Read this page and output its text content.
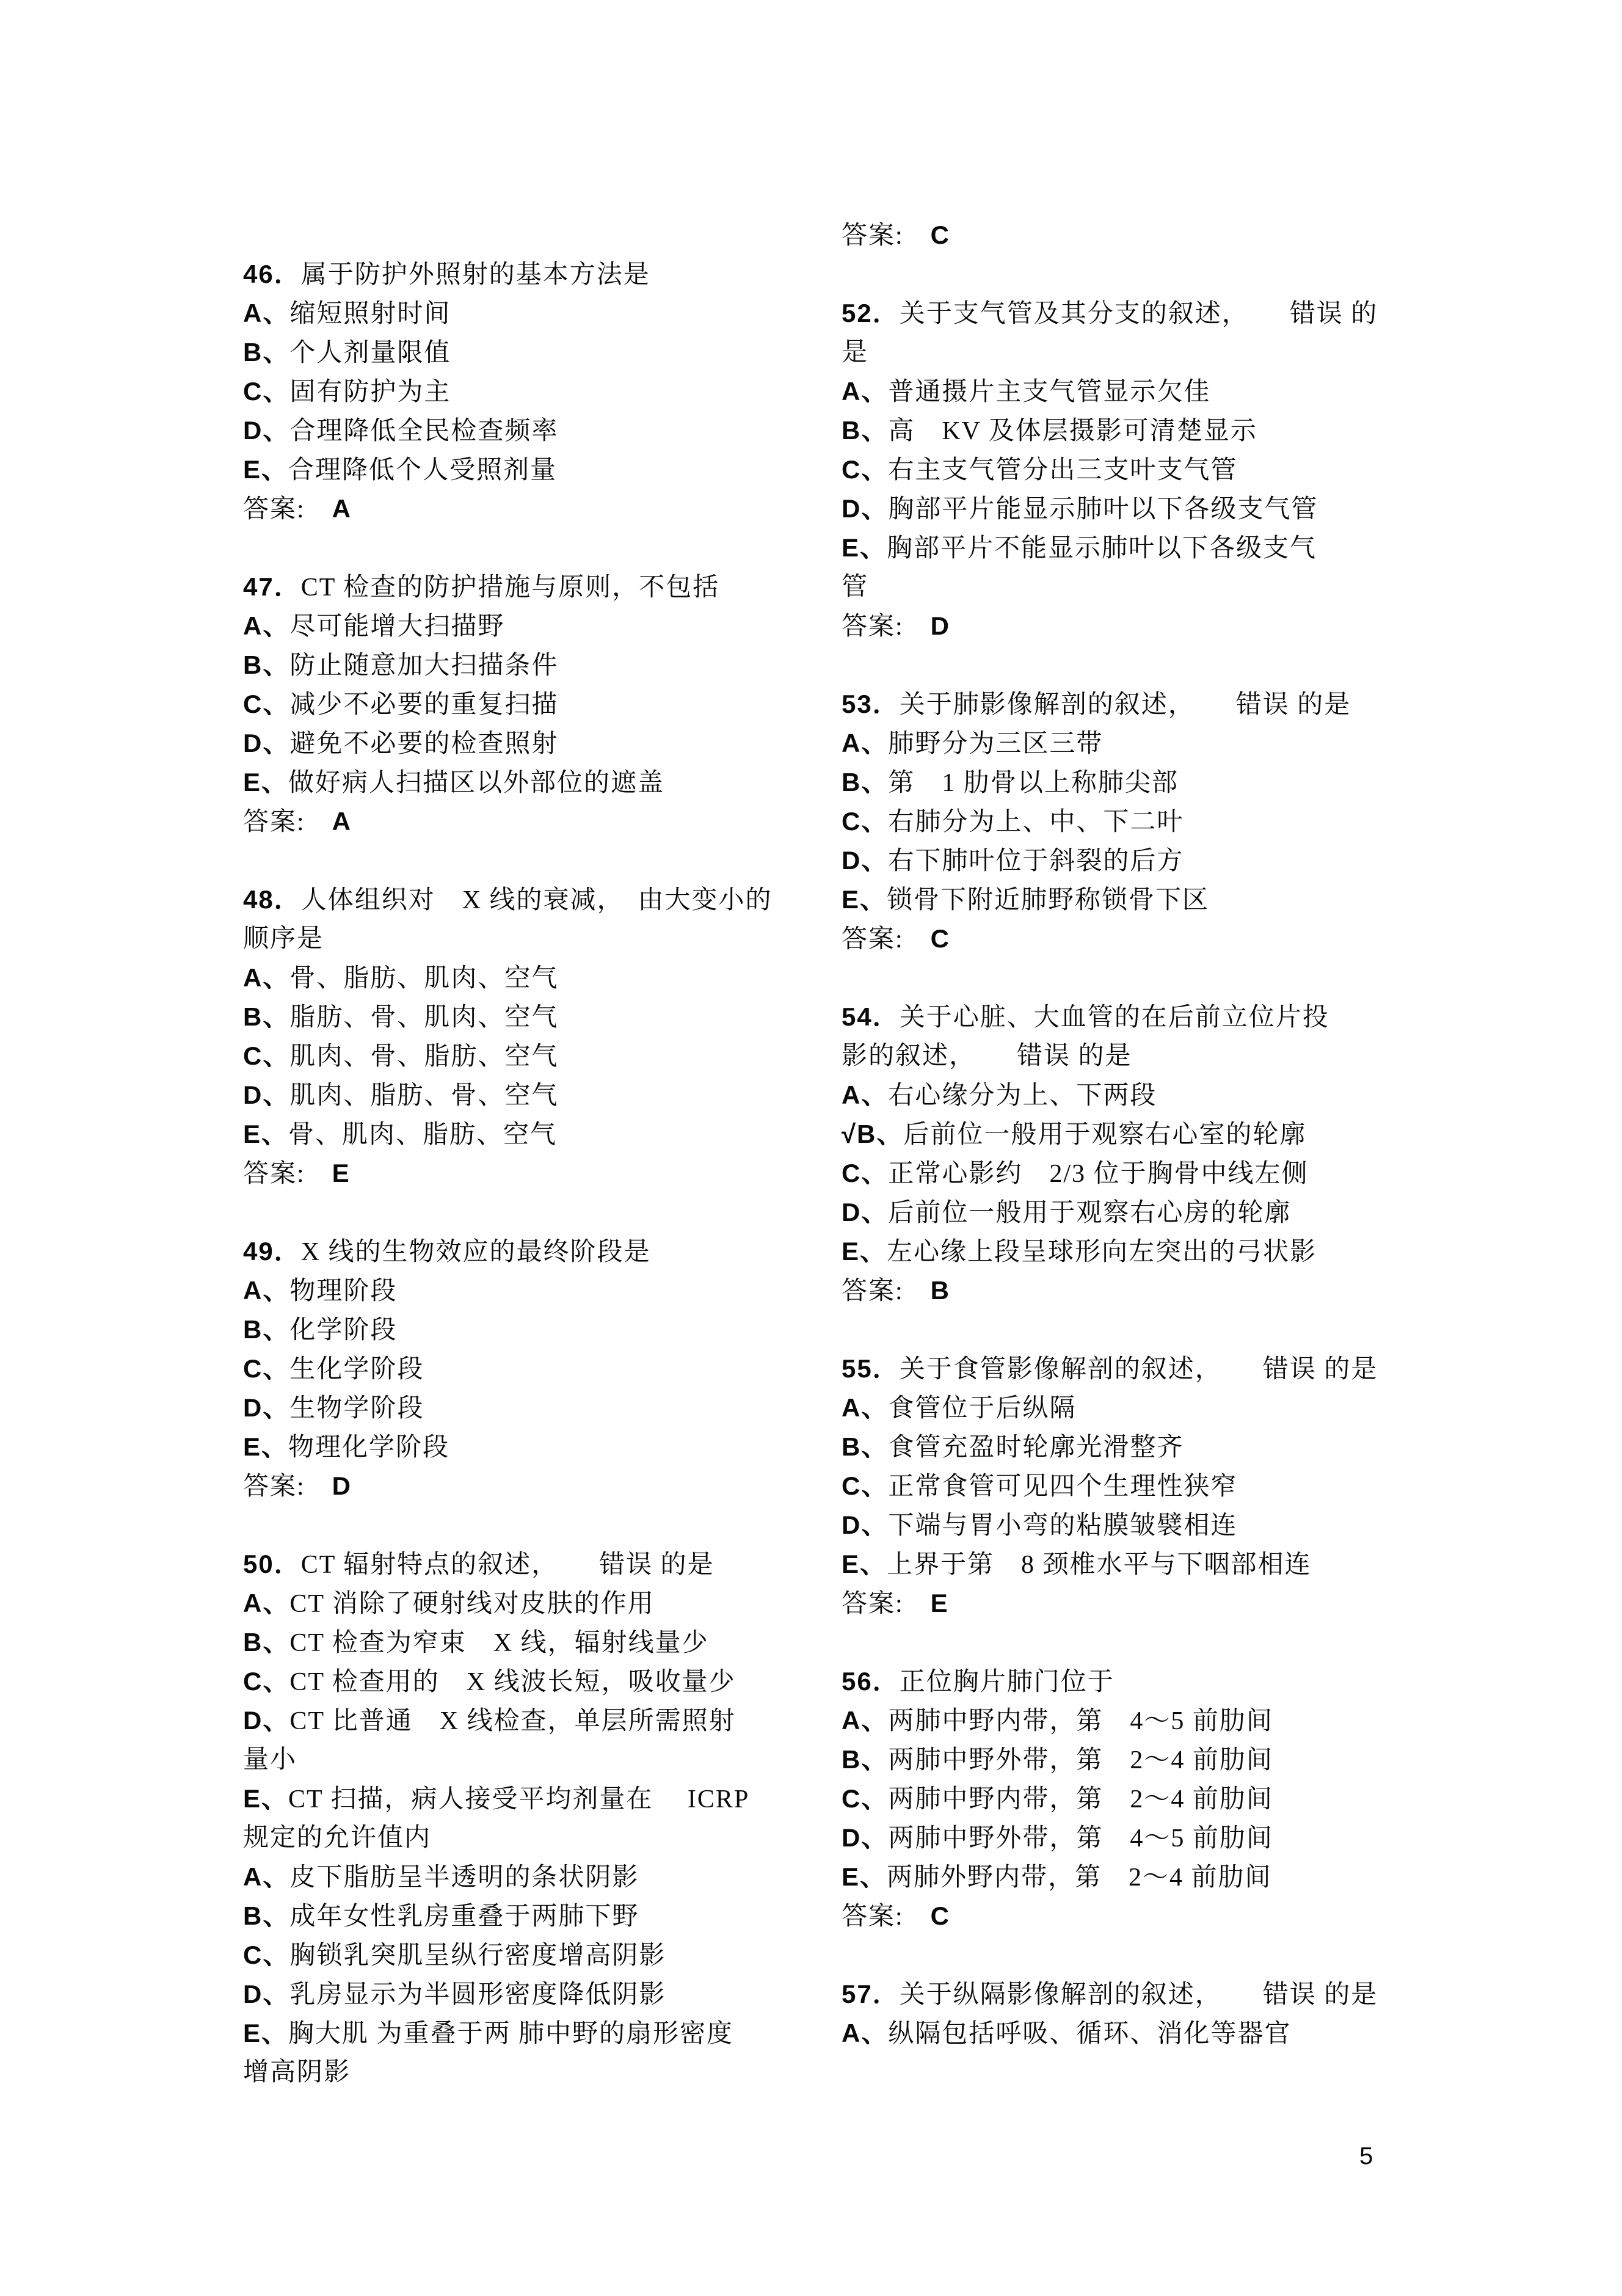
46．属于防护外照射的基本方法是
A、缩短照射时间
B、个人剂量限值
C、固有防护为主
D、合理降低全民检查频率
E、合理降低个人受照剂量
答案:　A
47．CT 检查的防护措施与原则，不包括
A、尽可能增大扫描野
B、防止随意加大扫描条件
C、减少不必要的重复扫描
D、避免不必要的检查照射
E、做好病人扫描区以外部位的遮盖
答案:　A
48．人体组织对　X 线的衰减，　由大变小的
顺序是
A、骨、脂肪、肌肉、空气
B、脂肪、骨、肌肉、空气
C、肌肉、骨、脂肪、空气
D、肌肉、脂肪、骨、空气
E、骨、肌肉、脂肪、空气
答案:　E
49．X 线的生物效应的最终阶段是
A、物理阶段
B、化学阶段
C、生化学阶段
D、生物学阶段
E、物理化学阶段
答案:　D
50．CT 辐射特点的叙述，　　错误 的是
A、CT 消除了硬射线对皮肤的作用
B、CT 检查为窄束　X 线，辐射线量少
C、CT 检查用的　X 线波长短，吸收量少
D、CT 比普通　X 线检查，单层所需照射
量小
E、CT 扫描，病人接受平均剂量在　 ICRP
规定的允许值内
A、皮下脂肪呈半透明的条状阴影
B、成年女性乳房重叠于两肺下野
C、胸锁乳突肌呈纵行密度增高阴影
D、乳房显示为半圆形密度降低阴影
E、胸大肌 为重叠于两 肺中野的扇形密度
增高阴影
答案:　C
52．关于支气管及其分支的叙述，　　错误 的
是
A、普通摄片主支气管显示欠佳
B、高　KV 及体层摄影可清楚显示
C、右主支气管分出三支叶支气管
D、胸部平片能显示肺叶以下各级支气管
E、胸部平片不能显示肺叶以下各级支气
管
答案:　D
53．关于肺影像解剖的叙述，　　错误 的是
A、肺野分为三区三带
B、第　1 肋骨以上称肺尖部
C、右肺分为上、中、下二叶
D、右下肺叶位于斜裂的后方
E、锁骨下附近肺野称锁骨下区
答案:　C
54．关于心脏、大血管的在后前立位片投
影的叙述，　　错误 的是
A、右心缘分为上、下两段
√B、后前位一般用于观察右心室的轮廓
C、正常心影约　2/3 位于胸骨中线左侧
D、后前位一般用于观察右心房的轮廓
E、左心缘上段呈球形向左突出的弓状影
答案:　B
55．关于食管影像解剖的叙述，　　错误 的是
A、食管位于后纵隔
B、食管充盈时轮廓光滑整齐
C、正常食管可见四个生理性狭窄
D、下端与胃小弯的粘膜皱襞相连
E、上界于第　8 颈椎水平与下咽部相连
答案:　E
56．正位胸片肺门位于
A、两肺中野内带，第　4～5 前肋间
B、两肺中野外带，第　2～4 前肋间
C、两肺中野内带，第　2～4 前肋间
D、两肺中野外带，第　4～5 前肋间
E、两肺外野内带，第　2～4 前肋间
答案:　C
57．关于纵隔影像解剖的叙述，　　错误 的是
A、纵隔包括呼吸、循环、消化等器官
5
